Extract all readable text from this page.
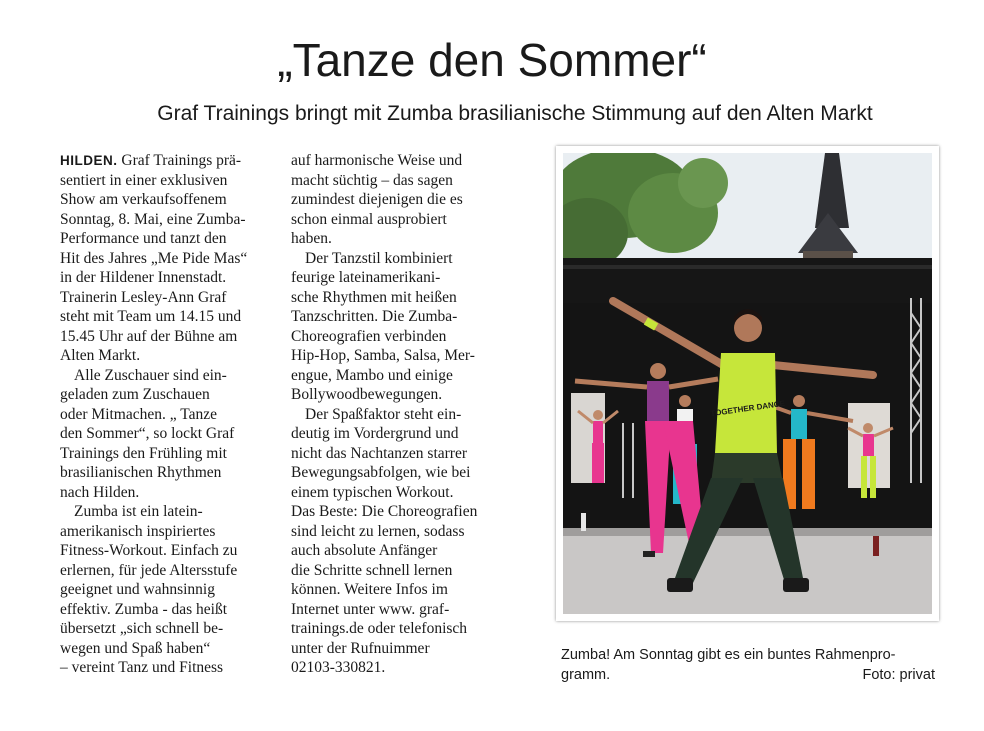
„Tanze den Sommer“
Graf Trainings bringt mit Zumba brasilianische Stimmung auf den Alten Markt

HILDEN. Graf Trainings prä-

sentiert in einer exklusiven

Show am verkaufsoffenem

Sonntag, 8. Mai, eine Zumba-

Performance und tanzt den

Hit des Jahres „Me Pide Mas“

in der Hildener Innenstadt.

Trainerin Lesley-Ann Graf

steht mit Team um 14.15 und

15.45 Uhr auf der Bühne am

Alten Markt.

Alle Zuschauer sind ein-

geladen zum Zuschauen

oder Mitmachen. „ Tanze

den Sommer“, so lockt Graf

Trainings den Frühling mit

brasilianischen Rhythmen

nach Hilden.

Zumba ist ein latein-

amerikanisch inspiriertes

Fitness-Workout. Einfach zu

erlernen, für jede Altersstufe

geeignet und wahnsinnig

effektiv. Zumba - das heißt

übersetzt „sich schnell be-

wegen und Spaß haben“

– vereint Tanz und Fitness

auf harmonische Weise und

macht süchtig – das sagen

zumindest diejenigen die es

schon einmal ausprobiert

haben.

Der Tanzstil kombiniert

feurige lateinamerikani-

sche Rhythmen mit heißen

Tanzschritten. Die Zumba-

Choreografien verbinden

Hip-Hop, Samba, Salsa, Mer-

engue, Mambo und einige

Bollywoodbewegungen.

Der Spaßfaktor steht ein-

deutig im Vordergrund und

nicht das Nachtanzen starrer

Bewegungsabfolgen, wie bei

einem typischen Workout.

Das Beste: Die Choreografien

sind leicht zu lernen, sodass

auch absolute Anfänger

die Schritte schnell lernen

können. Weitere Infos im

Internet unter www. graf-

trainings.de oder telefonisch

unter der Rufnuimmer

02103-330821.

TOGETHER DANCE
Zumba! Am Sonntag gibt es ein buntes Rahmenpro-
gramm.	Foto: privat
